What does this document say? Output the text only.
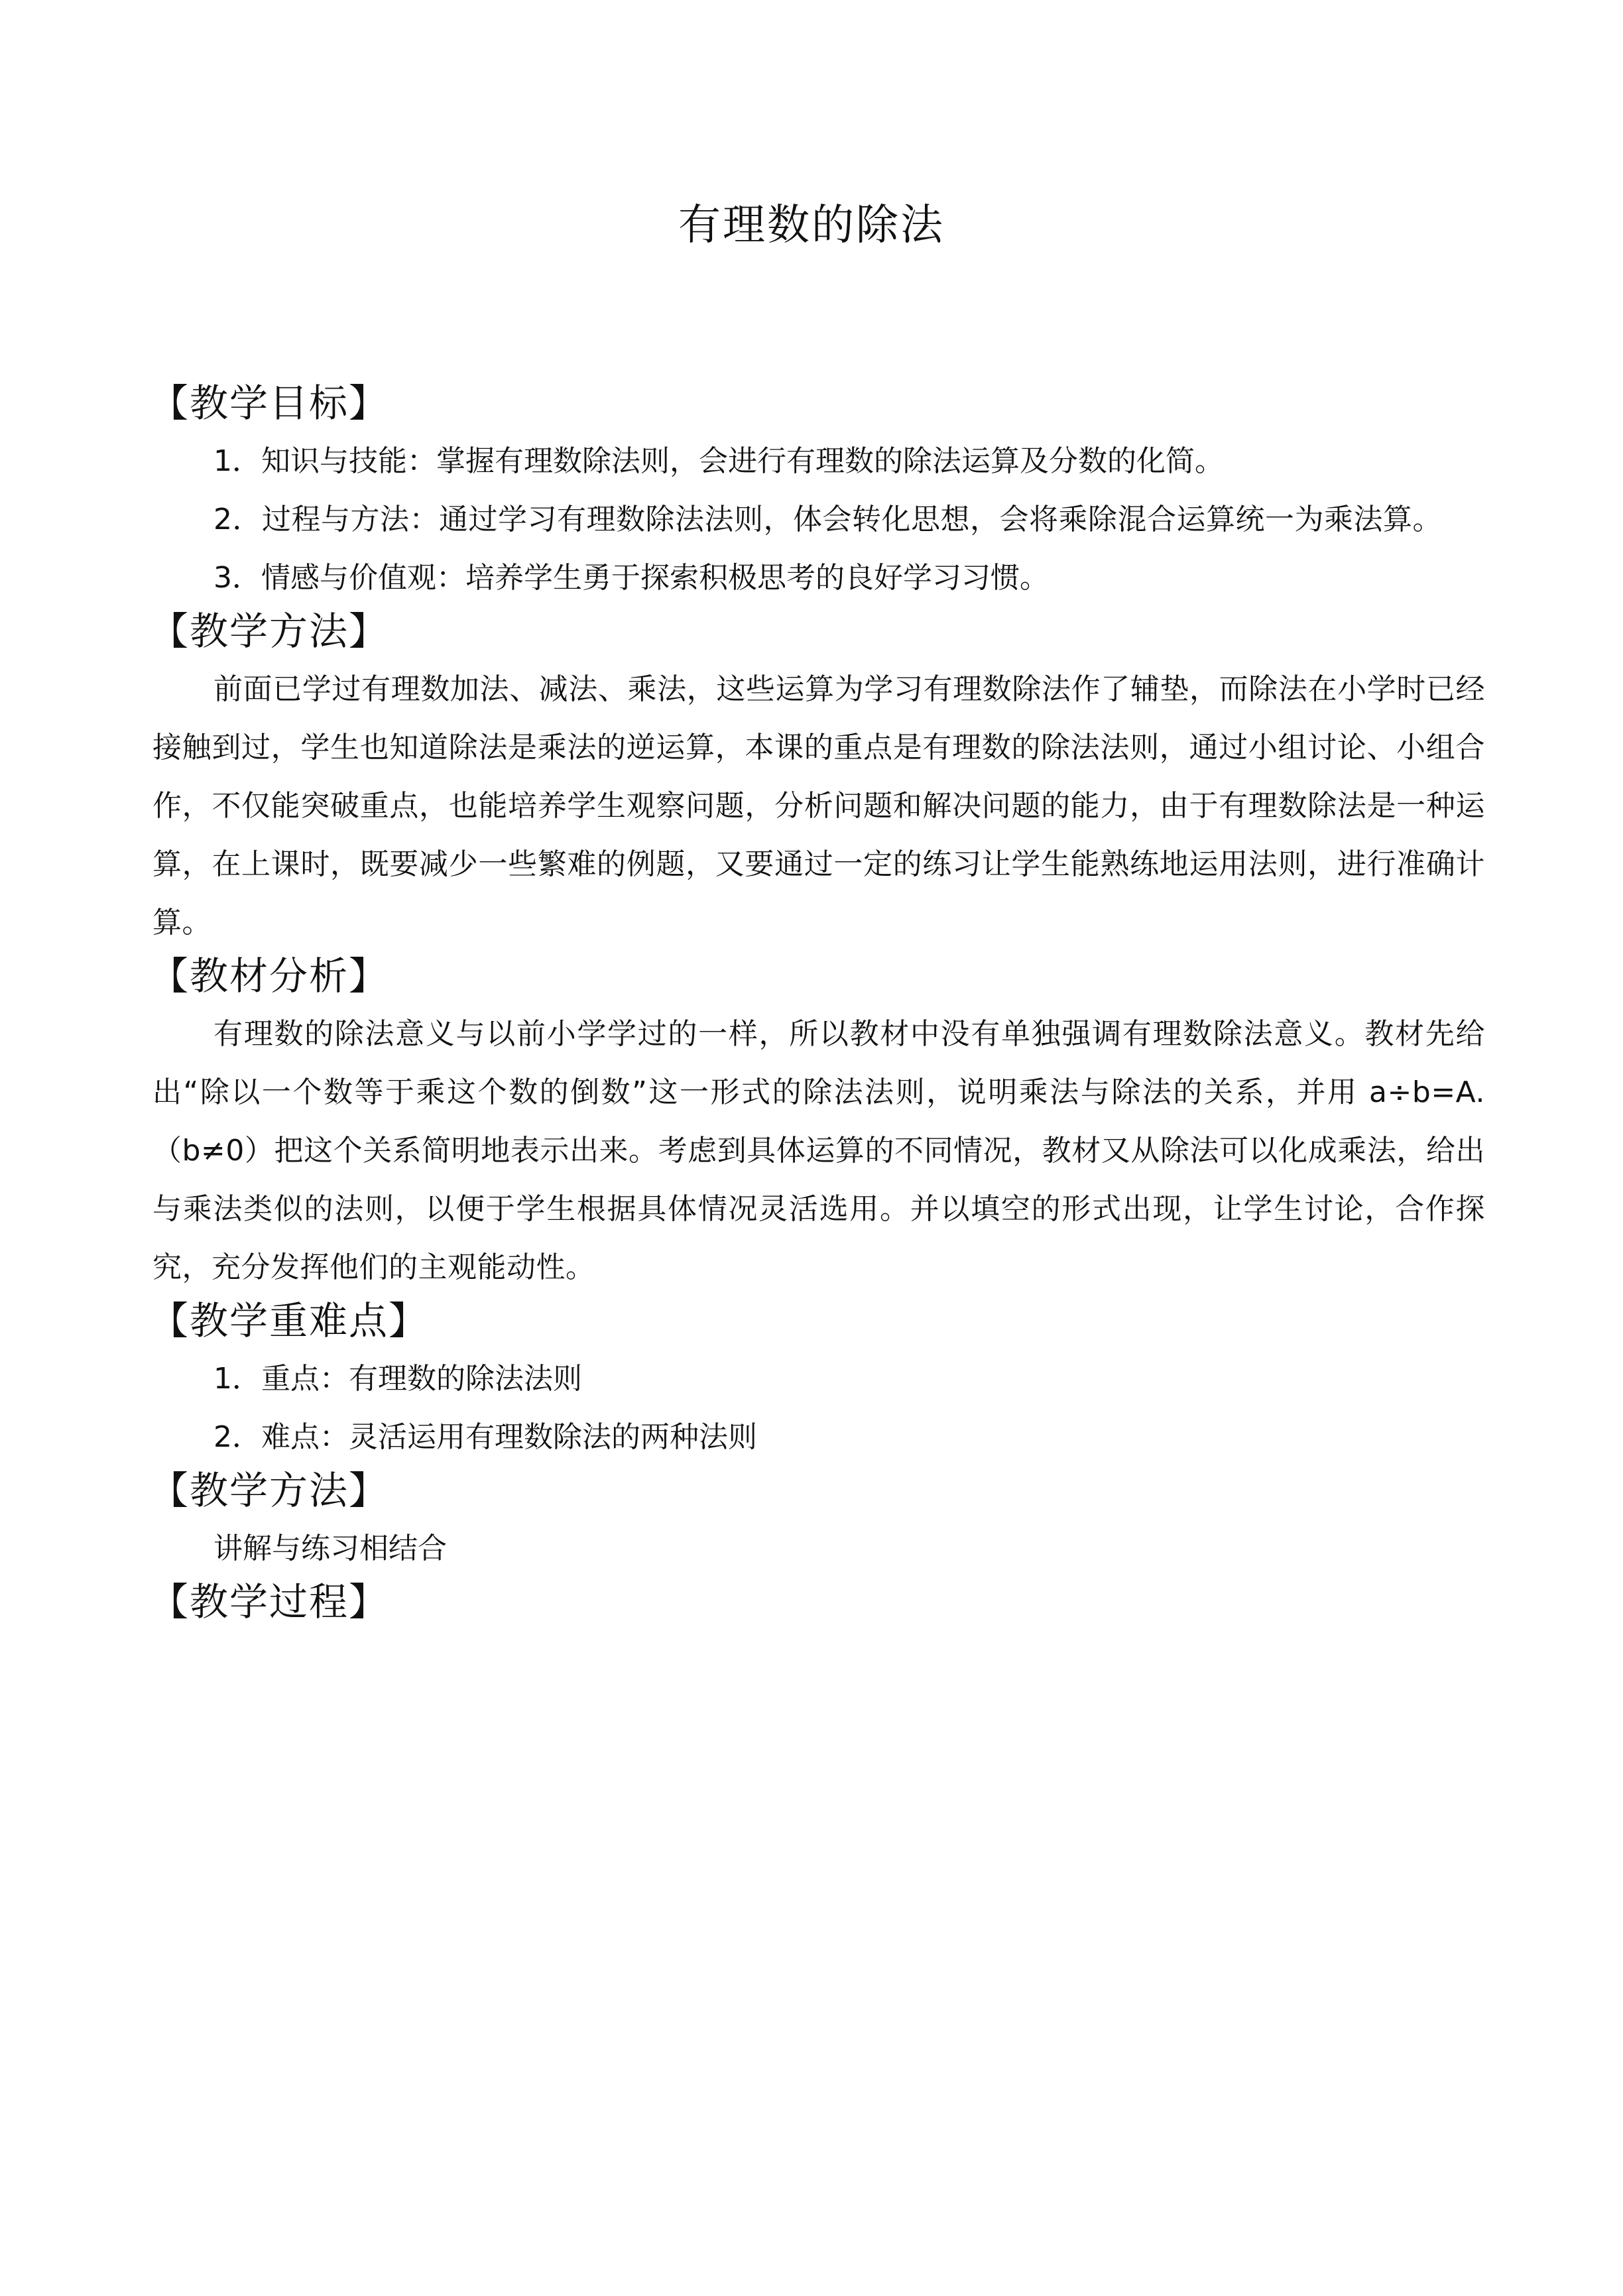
有理数的除法
【教学目标】

1．知识与技能：掌握有理数除法则，会进行有理数的除法运算及分数的化简。

2．过程与方法：通过学习有理数除法法则，体会转化思想，会将乘除混合运算统一为乘法算。

3．情感与价值观：培养学生勇于探索积极思考的良好学习习惯。

【教学方法】

前面已学过有理数加法、减法、乘法，这些运算为学习有理数除法作了辅垫，而除法在小学时已经接触到过，学生也知道除法是乘法的逆运算，本课的重点是有理数的除法法则，通过小组讨论、小组合作，不仅能突破重点，也能培养学生观察问题，分析问题和解决问题的能力，由于有理数除法是一种运算，在上课时，既要减少一些繁难的例题，又要通过一定的练习让学生能熟练地运用法则，进行准确计算。

【教材分析】

有理数的除法意义与以前小学学过的一样，所以教材中没有单独强调有理数除法意义。教材先给出“除以一个数等于乘这个数的倒数”这一形式的除法法则，说明乘法与除法的关系，并用 a÷b=A.（b≠0）把这个关系简明地表示出来。考虑到具体运算的不同情况，教材又从除法可以化成乘法，给出与乘法类似的法则，以便于学生根据具体情况灵活选用。并以填空的形式出现，让学生讨论，合作探究，充分发挥他们的主观能动性。

【教学重难点】

1．重点：有理数的除法法则

2．难点：灵活运用有理数除法的两种法则

【教学方法】

讲解与练习相结合

【教学过程】
